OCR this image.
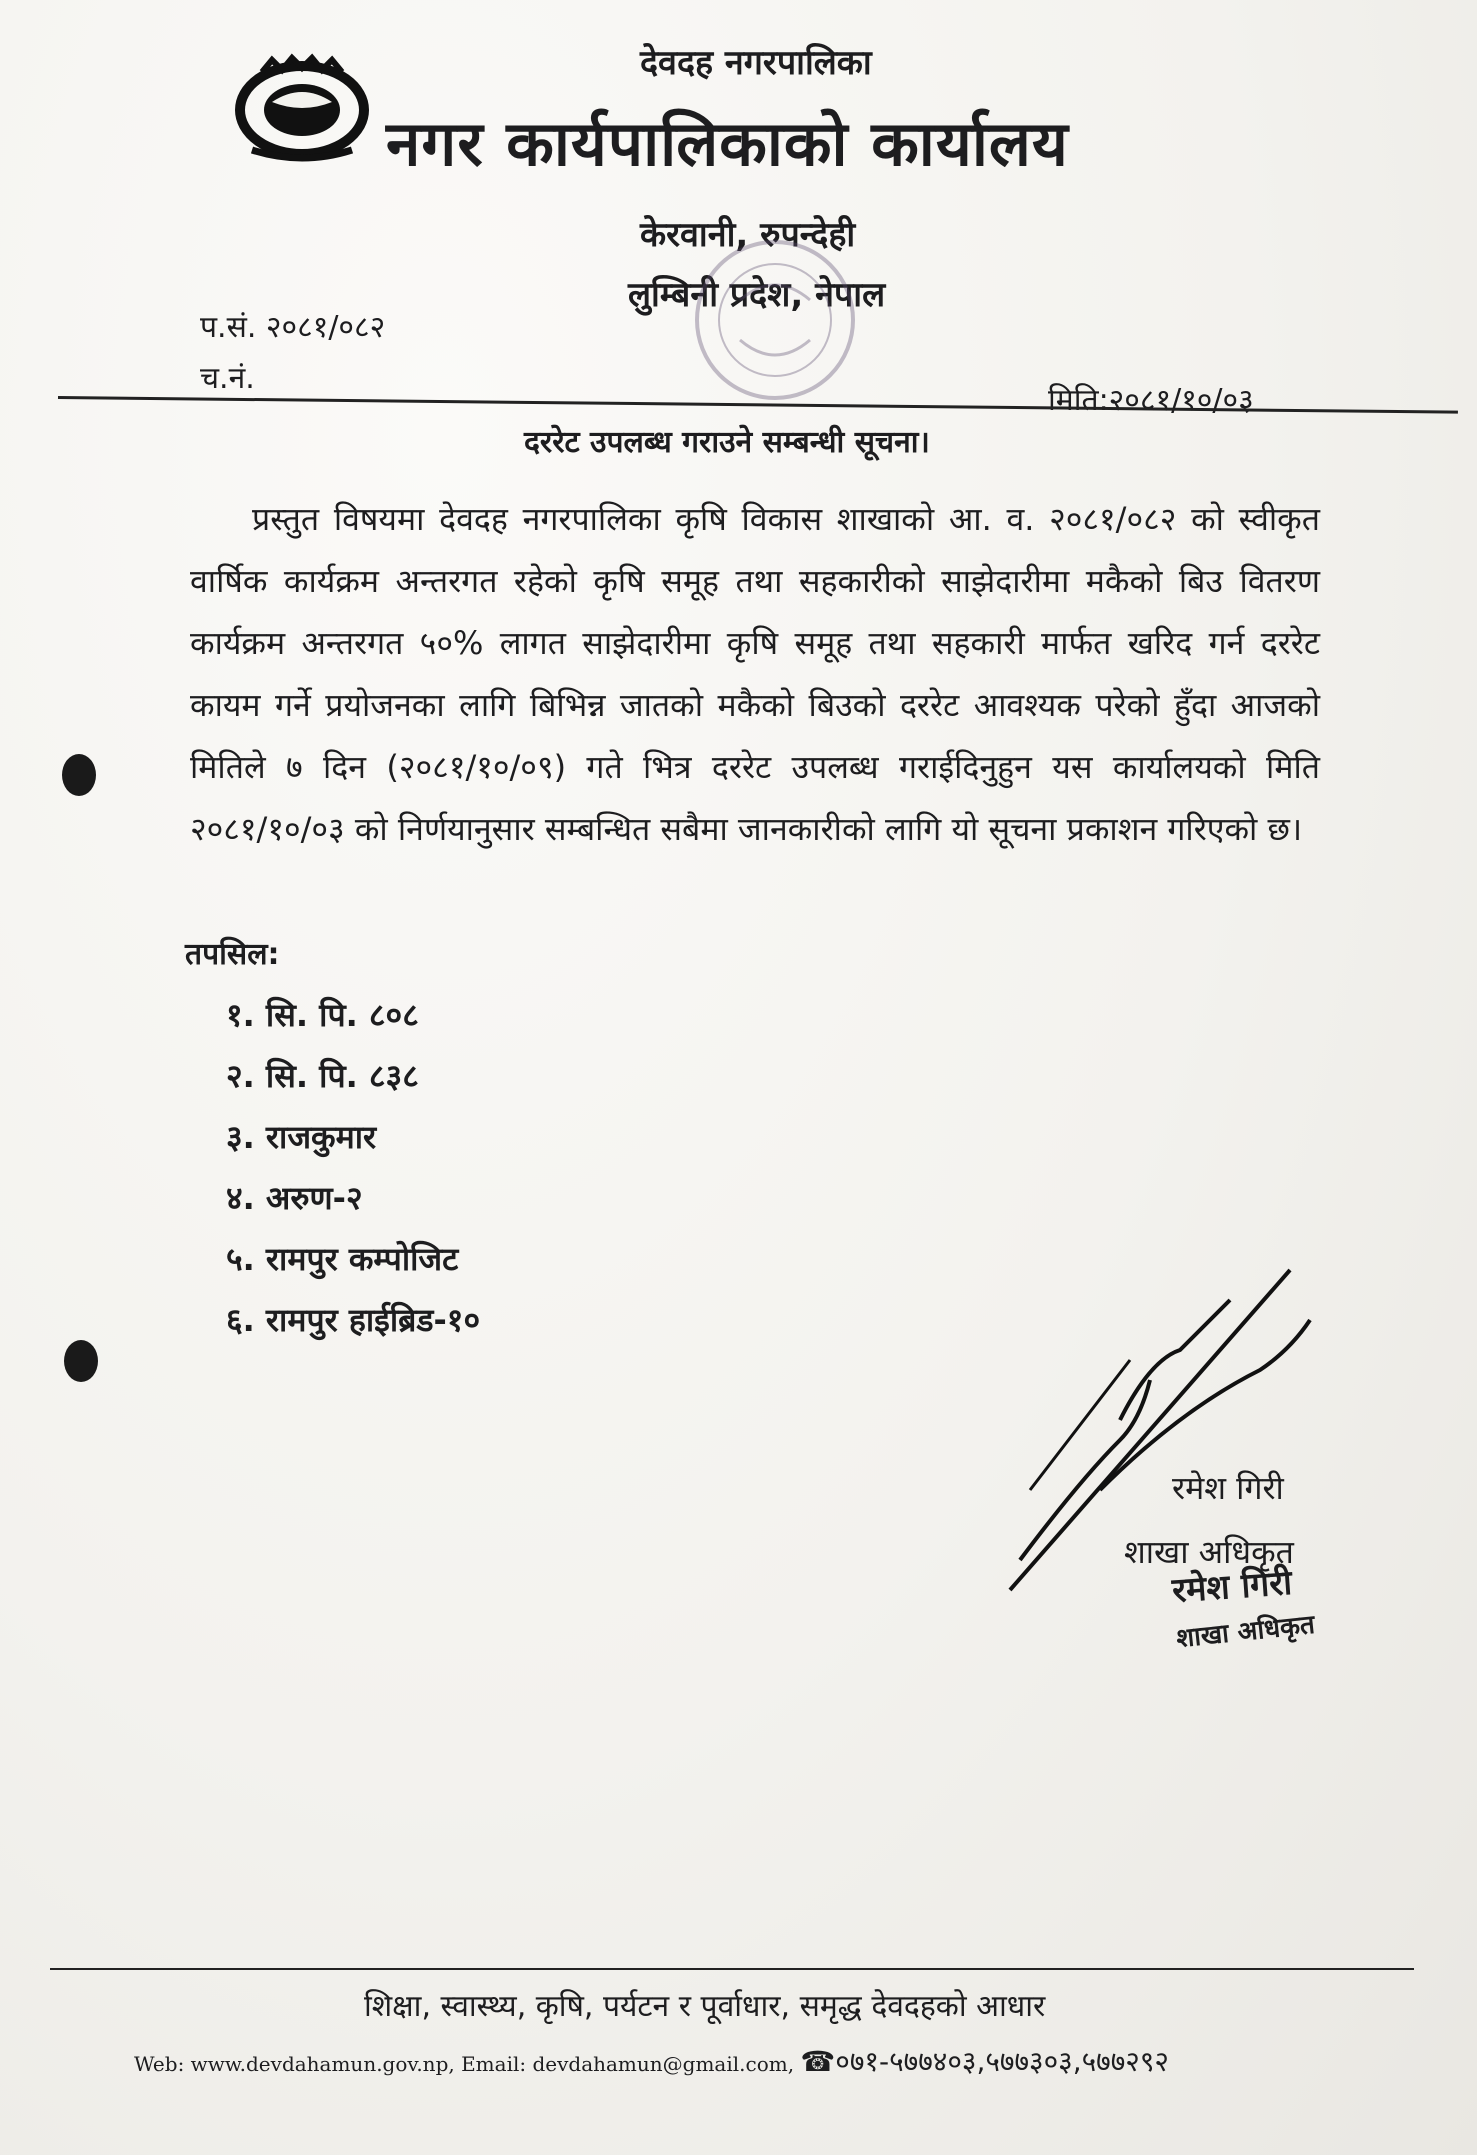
देवदह नगरपालिका
नगर कार्यपालिकाको कार्यालय
केरवानी, रुपन्देही
लुम्बिनी प्रदेश, नेपाल
प.सं. २०८१/०८२
च.नं.
मिति:२०८१/१०/०३
दररेट उपलब्ध गराउने सम्बन्धी सूचना।
प्रस्तुत विषयमा देवदह नगरपालिका कृषि विकास शाखाको आ. व. २०८१/०८२ को स्वीकृत वार्षिक कार्यक्रम अन्तरगत रहेको कृषि समूह तथा सहकारीको साझेदारीमा मकैको बिउ वितरण कार्यक्रम अन्तरगत ५०% लागत साझेदारीमा कृषि समूह तथा सहकारी मार्फत खरिद गर्न दररेट कायम गर्ने प्रयोजनका लागि बिभिन्न जातको मकैको बिउको दररेट आवश्यक परेको हुँदा आजको मितिले ७ दिन (२०८१/१०/०९) गते भित्र दररेट उपलब्ध गराईदिनुहुन यस कार्यालयको मिति २०८१/१०/०३ को निर्णयानुसार सम्बन्धित सबैमा जानकारीको लागि यो सूचना प्रकाशन गरिएको छ।
तपसिल:
१. सि. पि. ८०८
२. सि. पि. ८३८
३. राजकुमार
४. अरुण-२
५. रामपुर कम्पोजिट
६. रामपुर हाईब्रिड-१०
रमेश गिरी
शाखा अधिकृत
रमेश गिरी
शाखा अधिकृत
शिक्षा, स्वास्थ्य, कृषि, पर्यटन र पूर्वाधार, समृद्ध देवदहको आधार
Web: www.devdahamun.gov.np, Email: devdahamun@gmail.com, ☎०७१-५७७४०३,५७७३०३,५७७२९२
